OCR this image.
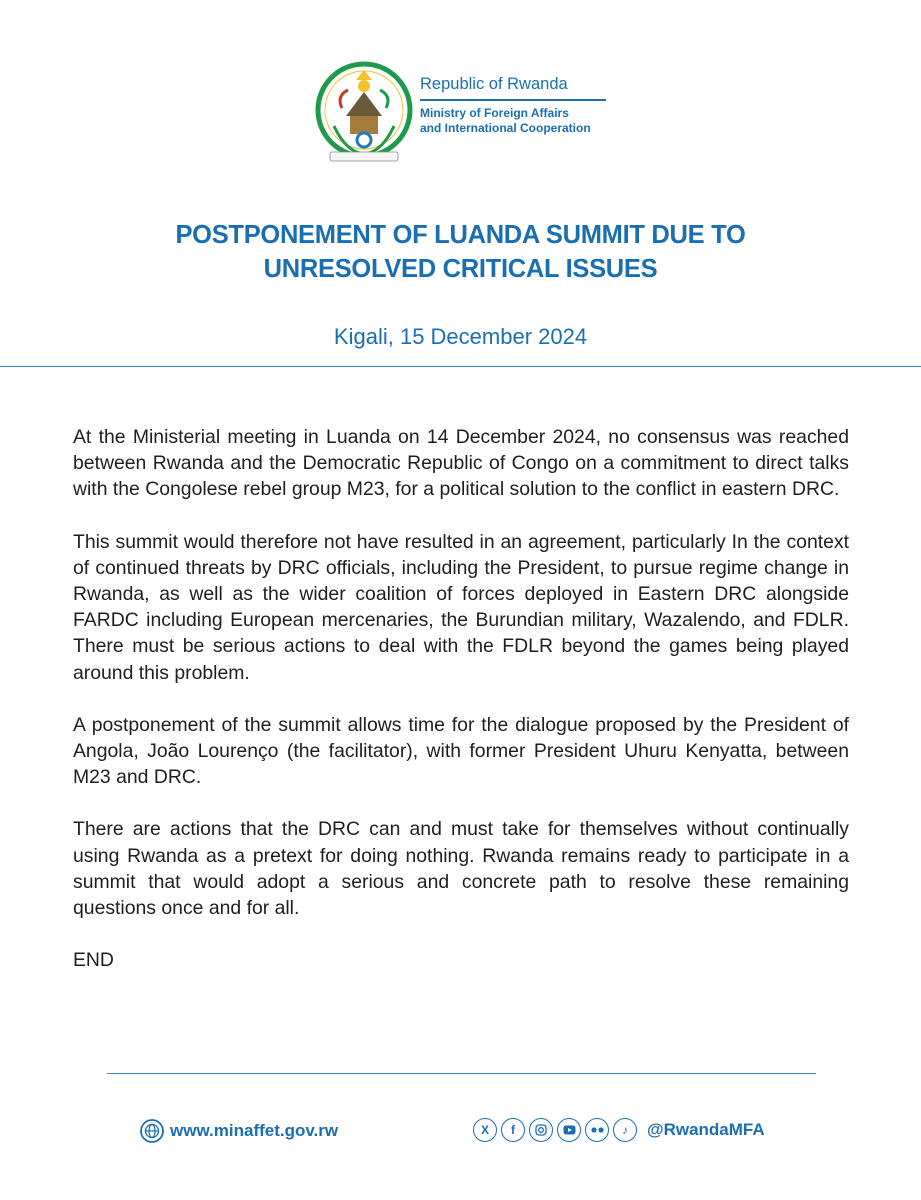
Republic of Rwanda
Ministry of Foreign Affairs
and International Cooperation
POSTPONEMENT OF LUANDA SUMMIT DUE TO
UNRESOLVED CRITICAL ISSUES
Kigali, 15 December 2024

At the Ministerial meeting in Luanda on 14 December 2024, no consensus was reached between Rwanda and the Democratic Republic of Congo on a commitment to direct talks with the Congolese rebel group M23, for a political solution to the conflict in eastern DRC.

This summit would therefore not have resulted in an agreement, particularly In the context of continued threats by DRC officials, including the President, to pursue regime change in Rwanda, as well as the wider coalition of forces deployed in Eastern DRC alongside FARDC including European mercenaries, the Burundian military, Wazalendo, and FDLR. There must be serious actions to deal with the FDLR beyond the games being played around this problem.

A postponement of the summit allows time for the dialogue proposed by the President of Angola, João Lourenço (the facilitator), with former President Uhuru Kenyatta, between M23 and DRC.

There are actions that the DRC can and must take for themselves without continually using Rwanda as a pretext for doing nothing. Rwanda remains ready to participate in a summit that would adopt a serious and concrete path to resolve these remaining questions once and for all.

END

www.minaffet.gov.rw	X	f	♪	@RwandaMFA
